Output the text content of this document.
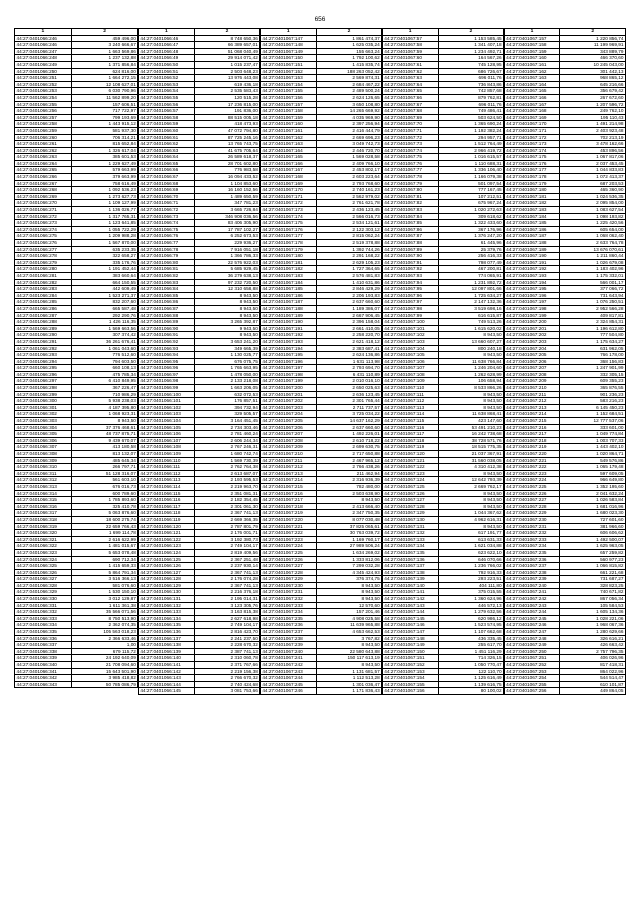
656
1	2
44:27:0401066:246	459 496,00
44:27:0401066:246	3 240 666,67
44:27:0401066:247	1 663 569,86
44:27:0401066:248	1 237 132,88
44:27:0401066:249	1 371 856,84
44:27:0401066:250	624 816,00
44:27:0401066:251	1 664 272,15
44:27:0401066:252	12 108 627,01
44:27:0401066:253	6 030 790,96
44:27:0401066:254	11 562 899,20
44:27:0401066:255	157 606,51
44:27:0401066:256	717 722,97
44:27:0401066:257	799 193,69
44:27:0401066:258	1 443 915,12
44:27:0401066:259	581 937,30
44:27:0401066:260	706 314,21
44:27:0401066:261	815 652,84
44:27:0401066:262	1 326 617,04
44:27:0401066:263	385 601,53
44:27:0401066:264	1 229 627,49
44:27:0401066:265	579 663,99
44:27:0401066:266	379 663,99
44:27:0401066:267	758 616,49
44:27:0401066:268	1 092 536,23
44:27:0401066:269	1 273 627,73
44:27:0401066:270	1 109 127,99
44:27:0401066:271	1 136 026,77
44:27:0401066:272	1 317 765,31
44:27:0401066:273	1 123 641,85
44:27:0401066:274	1 055 722,29
44:27:0401066:275	1 209 988,28
44:27:0401066:276	1 567 870,00
44:27:0401066:277	635 233,35
44:27:0401066:278	322 658,27
44:27:0401066:279	335 176,76
44:27:0401066:280	1 191 452,44
44:27:0401066:281	383 660,64
44:27:0401066:282	664 150,55
44:27:0401066:283	442 609,49
44:27:0401066:284	1 523 271,37
44:27:0401066:285	832 207,60
44:27:0401066:286	665 587,48
44:27:0401066:287	292 290,76
44:27:0401066:288	1 426 116,35
44:27:0401066:289	1 569 663,56
44:27:0401066:290	307 374,42
44:27:0401066:291	36 261 676,41
44:27:0401066:292	1 061 043,60
44:27:0401066:293	776 512,60
44:27:0401066:294	794 603,50
44:27:0401066:295	660 108,13
44:27:0401066:296	475 785,34
44:27:0401066:297	6 410 849,95
44:27:0401066:298	367 226,47
44:27:0401066:299	710 986,29
44:27:0401066:300	5 938 238,03
44:27:0401066:301	4 187 395,80
44:27:0401066:302	1 068 923,31
44:27:0401066:303	8 943,50
44:27:0401066:304	37 376 468,61
44:27:0401066:305	48 737 875,71
44:27:0401066:306	9 439 670,07
44:27:0401066:307	413 180,58
44:27:0401066:308	813 132,07
44:27:0401066:309	485 645,34
44:27:0401066:310	266 797,71
44:27:0401066:311	51 128 316,07
44:27:0401066:312	561 603,10
44:27:0401066:313	676 016,73
44:27:0401066:314	600 789,60
44:27:0401066:315	1 785 893,60
44:27:0401066:316	325 410,78
44:27:0401066:317	5 063 876,60
44:27:0401066:318	18 600 275,74
44:27:0401066:319	22 659 766,43
44:27:0401066:320	1 699 114,78
44:27:0401066:321	2 616 622,99
44:27:0401066:322	1 481 015,67
44:27:0401066:323	5 653 078,48
44:27:0401066:324	690 712,34
44:27:0401066:325	1 415 659,33
44:27:0401066:326	5 864 791,34
44:27:0401066:327	3 516 366,13
44:27:0401066:328	581 076,60
44:27:0401066:329	1 530 150,10
44:27:0401066:330	3 012 129,87
44:27:0401066:331	1 611 361,38
44:27:0401066:332	35 566 071,56
44:27:0401066:333	8 750 513,90
44:27:0401066:334	2 362 074,35
44:27:0401066:335	105 563 018,23
44:27:0401066:336	2 366 633,46
44:27:0401066:337	1,00
44:27:0401066:338	679 115,72
44:27:0401066:339	24 192 640,09
44:27:0401066:340	21 708 094,60
44:27:0401066:341	15 643 501,90
44:27:0401066:342	3 985 418,82
44:27:0401066:343	50 785 086,79
1	2
44:27:0401066:46	8 748 650,36
44:27:0401066:47	66 389 657,01
44:27:0401066:48	51 068 040,49
44:27:0401066:49	29 914 071,42
44:27:0401066:50	1 015 237,47
44:27:0401066:51	2 503 648,23
44:27:0401066:52	13 976 443,08
44:27:0401066:53	619 436,18
44:27:0401066:54	2 535 583,43
44:27:0401066:55	120 515,28
44:27:0401066:56	17 236 815,00
44:27:0401066:57	191 836,00
44:27:0401066:58	88 515 005,18
44:27:0401066:59	418 473,93
44:27:0401066:60	47 072 794,80
44:27:0401066:61	87 725 245,16
44:27:0401066:62	13 765 743,75
44:27:0401066:63	41 675 705,64
44:27:0401066:64	26 589 618,37
44:27:0401066:65	28 701 602,80
44:27:0401066:66	776 983,58
44:27:0401066:67	16 094 433,52
44:27:0401066:68	1 104 853,60
44:27:0401066:69	16 160 152,56
44:27:0401066:70	1 489 650,59
44:27:0401066:71	347 781,23
44:27:0401066:72	3 665 726,84
44:27:0401066:73	346 908 036,56
44:27:0401066:74	83 406 305,90
44:27:0401066:75	17 787 102,27
44:27:0401066:76	6 252 673,53
44:27:0401066:77	229 936,27
44:27:0401066:78	7 916 051,18
44:27:0401066:79	1 366 786,33
44:27:0401066:80	22 576 922,03
44:27:0401066:81	5 685 929,45
44:27:0401066:82	36 279 638,13
44:27:0401066:83	97 232 720,50
44:27:0401066:84	12 310 658,88
44:27:0401066:85	8 943,50
44:27:0401066:86	8 943,50
44:27:0401066:87	8 943,50
44:27:0401066:88	8 943,50
44:27:0401066:89	3 265 392,87
44:27:0401066:90	9 943,50
44:27:0401066:91	8 943,50
44:27:0401066:92	3 653 241,20
44:27:0401066:93	349 665,39
44:27:0401066:94	1 130 025,77
44:27:0401066:95	676 075,75
44:27:0401066:96	1 765 663,95
44:27:0401066:97	1 478 050,00
44:27:0401066:98	2 133 218,08
44:27:0401066:99	1 663 206,05
44:27:0401066:100	632 072,53
44:27:0401066:101	176 857,51
44:27:0401066:102	394 732,94
44:27:0401066:103	329 505,57
44:27:0401066:104	3 164 451,45
44:27:0401066:105	2 734 303,46
44:27:0401066:106	2 781 460,24
44:27:0401066:107	2 606 244,34
44:27:0401066:108	2 767 246,31
44:27:0401066:109	1 680 742,74
44:27:0401066:110	1 569 730,39
44:27:0401066:111	2 762 764,38
44:27:0401066:112	2 613 687,07
44:27:0401066:113	2 193 595,53
44:27:0401066:114	2 219 963,70
44:27:0401066:115	2 351 081,31
44:27:0401066:116	2 182 354,45
44:27:0401066:117	2 301 061,30
44:27:0401066:118	2 367 741,13
44:27:0401066:119	2 669 366,35
44:27:0401066:120	2 787 801,79
44:27:0401066:121	2 176 001,71
44:27:0401066:122	3 192 380,73
44:27:0401066:123	2 749 104,17
44:27:0401066:124	2 819 409,56
44:27:0401066:125	2 367 251,48
44:27:0401066:126	2 237 930,14
44:27:0401066:127	2 367 741,13
44:27:0401066:128	2 176 074,28
44:27:0401066:129	2 367 741,13
44:27:0401066:130	2 216 376,18
44:27:0401066:131	2 195 014,31
44:27:0401066:132	3 123 305,76
44:27:0401066:133	3 163 815,38
44:27:0401066:134	2 627 618,98
44:27:0401066:135	2 749 104,17
44:27:0401066:136	2 816 423,70
44:27:0401066:137	2 241 237,50
44:27:0401066:138	2 228 670,32
44:27:0401066:139	2 387 741,13
44:27:0401066:140	2 310 060,78
44:27:0401066:141	2 371 767,66
44:27:0401066:142	2 219 156,38
44:27:0401066:143	2 766 670,32
44:27:0401066:144	2 740 424,68
44:27:0401066:145	3 081 753,66
1	2
44:27:0401067:147	1 861 474,37
44:27:0401067:148	1 625 035,24
44:27:0401067:149	155 663,24
44:27:0401067:150	1 792 100,62
44:27:0401067:151	1 415 835,74
44:27:0401067:152	188 263 052,42
44:27:0401067:153	2 569 874,31
44:27:0401067:154	2 684 467,22
44:27:0401067:155	2 489 500,24
44:27:0401067:156	2 624 126,65
44:27:0401067:157	3 650 108,80
44:27:0401067:158	14 265 669,92
44:27:0401067:159	4 035 969,90
44:27:0401067:160	2 397 256,94
44:27:0401067:161	2 416 444,79
44:27:0401067:162	2 669 696,23
44:27:0401067:163	3 049 742,73
44:27:0401067:164	2 446 720,70
44:27:0401067:165	1 569 028,58
44:27:0401067:166	2 409 766,10
44:27:0401067:167	2 453 802,17
44:27:0401067:168	2 603 223,64
44:27:0401067:169	2 793 768,60
44:27:0401067:170	2 740 161,23
44:27:0401067:171	2 562 979,02
44:27:0401067:172	2 761 621,78
44:27:0401067:173	2 436 123,45
44:27:0401067:174	2 566 016,73
44:27:0401067:175	2 534 121,61
44:27:0401067:176	2 122 303,12
44:27:0401067:177	2 815 062,24
44:27:0401067:178	2 519 378,88
44:27:0401067:179	1 392 744,26
44:27:0401067:180	2 291 168,22
44:27:0401067:181	2 629 105,23
44:27:0401067:182	1 727 364,65
44:27:0401067:183	2 576 481,83
44:27:0401067:184	1 410 631,86
44:27:0401067:185	2 846 429,29
44:27:0401067:186	2 206 193,83
44:27:0401067:187	2 637 660,60
44:27:0401067:188	1 189 386,07
44:27:0401067:189	2 667 906,45
44:27:0401067:190	2 396 158,04
44:27:0401067:191	2 661 410,05
44:27:0401067:192	2 258 220,70
44:27:0401067:193	2 621 418,12
44:27:0401067:194	2 383 687,41
44:27:0401067:195	2 624 136,86
44:27:0401067:196	1 631 113,98
44:27:0401067:197	2 793 694,70
44:27:0401067:198	6 431 110,89
44:27:0401067:199	2 010 016,10
44:27:0401067:200	2 650 025,63
44:27:0401067:201	2 636 123,45
44:27:0401067:202	2 301 765,44
44:27:0401067:203	2 711 737,57
44:27:0401067:204	3 725 034,22
44:27:0401067:205	14 637 162,29
44:27:0401067:206	2 637 660,60
44:27:0401067:207	1 492 226,01
44:27:0401067:208	2 610 718,22
44:27:0401067:209	2 699 630,75
44:27:0401067:210	2 717 650,88
44:27:0401067:211	2 467 965,12
44:27:0401067:212	2 766 438,26
44:27:0401067:213	211 462,94
44:27:0401067:214	2 316 936,39
44:27:0401067:215	782 480,00
44:27:0401067:216	2 503 638,90
44:27:0401067:217	8 943,50
44:27:0401067:218	2 413 666,40
44:27:0401067:219	2 347 750,35
44:27:0401067:220	8 077 030,48
44:27:0401067:221	37 825 065,61
44:27:0401067:222	30 763 039,72
44:27:0401067:223	1 169 760,17
44:27:0401067:224	27 989 506,24
44:27:0401067:225	1 634 269,02
44:27:0401067:226	1 333 812,06
44:27:0401067:227	7 299 032,28
44:27:0401067:228	4 345 424,93
44:27:0401067:229	376 374,75
44:27:0401067:230	8 943,50
44:27:0401067:231	8 943,50
44:27:0401067:232	8 943,50
44:27:0401067:233	12 570,60
44:27:0401067:234	157 201,46
44:27:0401067:235	4 908 025,58
44:27:0401067:236	11 639 965,88
44:27:0401067:237	4 653 662,53
44:27:0401067:238	3 767,82
44:27:0401067:239	8 943,50
44:27:0401067:240	22 580 643,88
44:27:0401067:241	150 117 613,19
44:27:0401067:242	8 943,50
44:27:0401067:243	1 131 681,57
44:27:0401067:244	1 112 513,28
44:27:0401067:245	1 301 036,47
44:27:0401067:246	1 171 836,43
1	2
44:27:0401067:57	1 153 585,45
44:27:0401067:58	1 341 407,18
44:27:0401067:59	1 234 492,71
44:27:0401067:60	164 567,26
44:27:0401067:61	745 128,95
44:27:0401067:62	686 726,67
44:27:0401067:63	696 011,76
44:27:0401067:64	736 843,86
44:27:0401067:65	742 857,68
44:27:0401067:66	879 762,81
44:27:0401067:67	696 011,76
44:27:0401067:68	749 486,41
44:27:0401067:69	503 624,50
44:27:0401067:70	1 365 690,24
44:27:0401067:71	1 192 382,24
44:27:0401067:72	294 957,71
44:27:0401067:73	1 512 764,49
44:27:0401067:74	2 966 419,72
44:27:0401067:75	1 016 615,57
44:27:0401067:76	1 110 688,31
44:27:0401067:77	1 336 106,40
44:27:0401067:78	1 166 079,38
44:27:0401067:79	501 097,54
44:27:0401067:80	777 167,45
44:27:0401067:81	107 212,51
44:27:0401067:82	675 967,24
44:27:0401067:83	1 020 272,63
44:27:0401067:84	309 618,62
44:27:0401067:85	1 322 433,60
44:27:0401067:86	367 176,96
44:27:0401067:87	1 376 247,20
44:27:0401067:88	61 445,96
44:27:0401067:89	25 379,76
44:27:0401067:90	256 416,33
44:27:0401067:91	798 077,49
44:27:0401067:92	467 200,81
44:27:0401067:93	774 065,91
44:27:0401067:94	1 231 892,72
44:27:0401067:95	12 097 801,66
44:27:0401067:96	1 725 634,27
44:27:0401067:97	2 147 132,36
44:27:0401067:98	3 519 698,16
44:27:0401067:99	616 615,87
44:27:0401067:100	749 513,26
44:27:0401067:101	1 615 620,02
44:27:0401067:102	8 943,50
44:27:0401067:103	13 660 607,27
44:27:0401067:104	800 240,18
44:27:0401067:105	8 943,50
44:27:0401067:106	11 638 766,84
44:27:0401067:107	1 246 204,60
44:27:0401067:108	1 262 628,99
44:27:0401067:109	106 658,94
44:27:0401067:110	8 533 866,26
44:27:0401067:111	8 943,50
44:27:0401067:112	8 943,50
44:27:0401067:113	8 943,50
44:27:0401067:114	11 638 868,41
44:27:0401067:115	423 147,60
44:27:0401067:116	53 491 210,23
44:27:0401067:117	16 242 738,68
44:27:0401067:118	38 728 571,76
44:27:0401067:119	18 515 775,35
44:27:0401067:120	21 037 367,91
44:27:0401067:121	31 560 038,05
44:27:0401067:122	4 310 412,38
44:27:0401067:123	8 943,50
44:27:0401067:124	12 642 793,39
44:27:0401067:125	2 669 762,17
44:27:0401067:126	8 943,50
44:27:0401067:127	8 943,50
44:27:0401067:128	8 943,50
44:27:0401067:129	1 044 367,62
44:27:0401067:130	4 962 616,31
44:27:0401067:131	8 943,50
44:27:0401067:132	617 191,77
44:27:0401067:133	613 631,33
44:27:0401067:134	1 621 034,88
44:27:0401067:135	623 622,10
44:27:0401067:136	646 070,66
44:27:0401067:137	1 236 766,02
44:27:0401067:138	792 916,33
44:27:0401067:139	293 223,51
44:27:0401067:140	404 111,80
44:27:0401067:141	375 015,55
44:27:0401067:142	1 360 624,96
44:27:0401067:143	446 572,13
44:27:0401067:144	1 279 632,56
44:27:0401067:145	620 986,12
44:27:0401067:146	1 523 574,95
44:27:0401067:147	1 107 662,68
44:27:0401067:148	436 335,45
44:27:0401067:149	255 617,70
44:27:0401067:150	1 451 116,29
44:27:0401067:151	714 326,15
44:27:0401067:152	1 050 770,47
44:27:0401067:153	122 110,70
44:27:0401067:154	1 125 616,49
44:27:0401067:155	1 139 616,75
44:27:0401067:156	80 100,02
1	2
44:27:0401067:157	1 220 856,74
44:27:0401067:158	11 199 969,91
44:27:0401067:159	343 889,79
44:27:0401067:160	466 370,60
44:27:0401067:161	10 245 043,00
44:27:0401067:162	301 442,13
44:27:0401067:163	968 865,12
44:27:0401067:164	645 216,66
44:27:0401067:165	356 679,42
44:27:0401067:166	267 672,60
44:27:0401067:167	1 207 596,72
44:27:0401067:168	249 762,10
44:27:0401067:169	195 110,43
44:27:0401067:170	1 491 214,98
44:27:0401067:171	2 403 923,48
44:27:0401067:172	702 213,19
44:27:0401067:173	3 478 162,66
44:27:0401067:174	453 896,56
44:27:0401067:175	1 067 817,06
44:27:0401067:176	2 037 453,45
44:27:0401067:177	1 044 833,83
44:27:0401067:178	1 072 413,37
44:27:0401067:179	687 203,53
44:27:0401067:180	465 360,90
44:27:0401067:181	1 024 536,35
44:27:0401067:182	2 095 854,00
44:27:0401067:183	1 083 627,54
44:27:0401067:184	1 098 193,82
44:27:0401067:185	1 225 420,56
44:27:0401067:186	605 654,00
44:27:0401067:187	1 068 062,40
44:27:0401067:188	2 633 764,78
44:27:0401067:189	13 676 070,61
44:27:0401067:190	1 211 860,44
44:27:0401067:191	1 026 679,08
44:27:0401067:192	1 183 402,96
44:27:0401067:193	1 175 332,01
44:27:0401067:194	566 001,17
44:27:0401067:195	377 066,72
44:27:0401067:196	731 643,94
44:27:0401067:197	1 076 250,51
44:27:0401067:198	2 952 566,28
44:27:0401067:199	409 817,81
44:27:0401067:200	2 324 854,31
44:27:0401067:201	1 196 612,80
44:27:0401067:202	777 504,80
44:27:0401067:203	1 175 634,27
44:27:0401067:204	631 962,05
44:27:0401067:205	766 178,00
44:27:0401067:206	368 156,83
44:27:0401067:207	1 247 901,99
44:27:0401067:208	332 305,15
44:27:0401067:209	609 355,23
44:27:0401067:210	365 876,55
44:27:0401067:211	901 236,23
44:27:0401067:212	583 216,23
44:27:0401067:213	6 145 450,23
44:27:0401067:214	1 152 684,51
44:27:0401067:215	12 777 537,06
44:27:0401067:216	333 601,00
44:27:0401067:217	1 049 774,84
44:27:0401067:218	1 003 707,33
44:27:0401067:219	1 443 402,10
44:27:0401067:220	1 020 864,71
44:27:0401067:221	549 576,86
44:27:0401067:222	1 065 179,48
44:27:0401067:223	597 609,05
44:27:0401067:224	966 649,80
44:27:0401067:225	1 352 195,60
44:27:0401067:226	2 041 632,24
44:27:0401067:227	1 026 583,84
44:27:0401067:228	1 681 016,96
44:27:0401067:229	1 680 023,30
44:27:0401067:230	727 601,60
44:27:0401067:231	381 966,60
44:27:0401067:232	606 606,62
44:27:0401067:233	1 492 500,07
44:27:0401067:234	1 625 963,05
44:27:0401067:235	657 259,82
44:27:0401067:236	560 977,23
44:27:0401067:237	1 066 815,82
44:27:0401067:238	661 221,68
44:27:0401067:239	731 687,27
44:27:0401067:240	328 823,25
44:27:0401067:241	740 671,82
44:27:0401067:242	867 056,34
44:27:0401067:243	105 584,53
44:27:0401067:244	1 605 134,36
44:27:0401067:245	1 028 221,06
44:27:0401067:246	1 968 067,36
44:27:0401067:247	1 280 629,66
44:27:0401067:248	326 616,21
44:27:0401067:249	426 663,42
44:27:0401067:250	2 757 796,35
44:27:0401067:251	406 026,96
44:27:0401067:252	817 418,31
44:27:0401067:253	864 022,96
44:27:0401067:254	544 514,47
44:27:0401067:255	610 101,87
44:27:0401067:256	449 864,05
